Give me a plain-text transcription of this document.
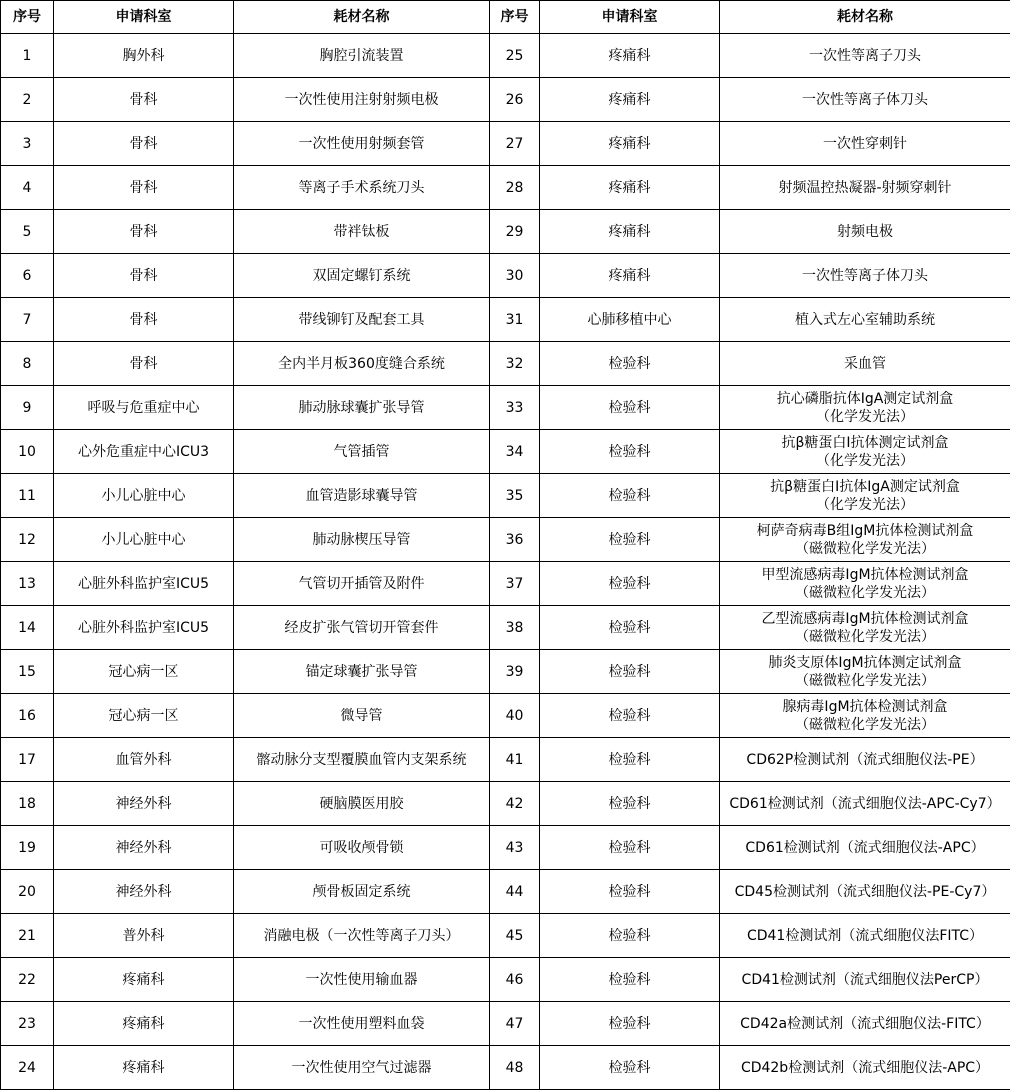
序号	申请科室	耗材名称	序号	申请科室	耗材名称
1	胸外科	胸腔引流装置	25	疼痛科	一次性等离子刀头
2	骨科	一次性使用注射射频电极	26	疼痛科	一次性等离子体刀头
3	骨科	一次性使用射频套管	27	疼痛科	一次性穿刺针
4	骨科	等离子手术系统刀头	28	疼痛科	射频温控热凝器-射频穿刺针
5	骨科	带袢钛板	29	疼痛科	射频电极
6	骨科	双固定螺钉系统	30	疼痛科	一次性等离子体刀头
7	骨科	带线铆钉及配套工具	31	心肺移植中心	植入式左心室辅助系统
8	骨科	全内半月板360度缝合系统	32	检验科	采血管
9	呼吸与危重症中心	肺动脉球囊扩张导管	33	检验科	抗心磷脂抗体IgA测定试剂盒
（化学发光法）
10	心外危重症中心ICU3	气管插管	34	检验科	抗β糖蛋白Ⅰ抗体测定试剂盒
（化学发光法）
11	小儿心脏中心	血管造影球囊导管	35	检验科	抗β糖蛋白Ⅰ抗体IgA测定试剂盒
（化学发光法）
12	小儿心脏中心	肺动脉楔压导管	36	检验科	柯萨奇病毒B组IgM抗体检测试剂盒
（磁微粒化学发光法）
13	心脏外科监护室ICU5	气管切开插管及附件	37	检验科	甲型流感病毒IgM抗体检测试剂盒
（磁微粒化学发光法）
14	心脏外科监护室ICU5	经皮扩张气管切开管套件	38	检验科	乙型流感病毒IgM抗体检测试剂盒
（磁微粒化学发光法）
15	冠心病一区	锚定球囊扩张导管	39	检验科	肺炎支原体IgM抗体测定试剂盒
（磁微粒化学发光法）
16	冠心病一区	微导管	40	检验科	腺病毒IgM抗体检测试剂盒
（磁微粒化学发光法）
17	血管外科	髂动脉分支型覆膜血管内支架系统	41	检验科	CD62P检测试剂（流式细胞仪法-PE）
18	神经外科	硬脑膜医用胶	42	检验科	CD61检测试剂（流式细胞仪法-APC-Cy7）
19	神经外科	可吸收颅骨锁	43	检验科	CD61检测试剂（流式细胞仪法-APC）
20	神经外科	颅骨板固定系统	44	检验科	CD45检测试剂（流式细胞仪法-PE-Cy7）
21	普外科	消融电极（一次性等离子刀头）	45	检验科	CD41检测试剂（流式细胞仪法FITC）
22	疼痛科	一次性使用输血器	46	检验科	CD41检测试剂（流式细胞仪法PerCP）
23	疼痛科	一次性使用塑料血袋	47	检验科	CD42a检测试剂（流式细胞仪法-FITC）
24	疼痛科	一次性使用空气过滤器	48	检验科	CD42b检测试剂（流式细胞仪法-APC）
